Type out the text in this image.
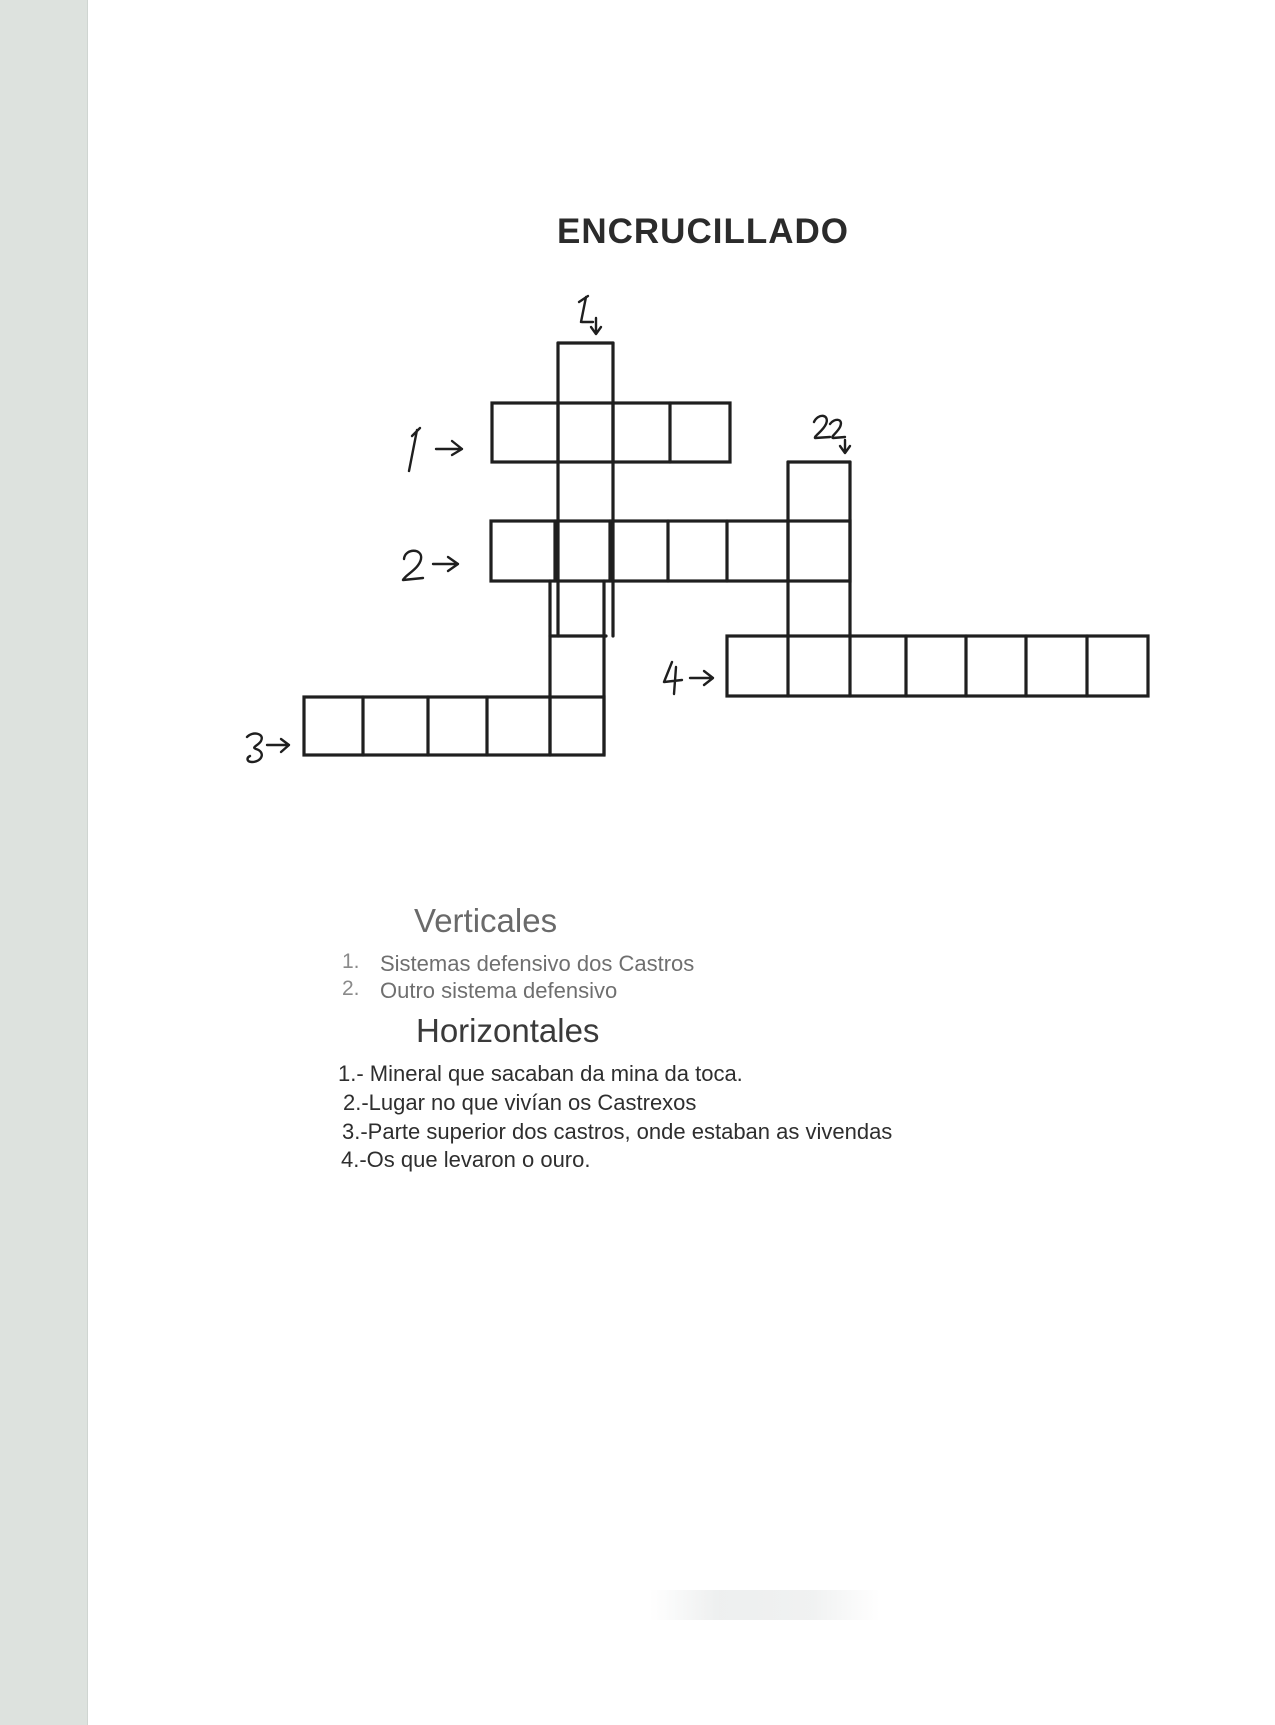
ENCRUCILLADO
Verticales
1. Sistemas defensivo dos Castros
2. Outro sistema defensivo
Horizontales
1.- Mineral que sacaban da mina da toca.
2.-Lugar no que vivían os Castrexos
3.-Parte superior dos castros, onde estaban as vivendas
4.-Os que levaron o ouro.
